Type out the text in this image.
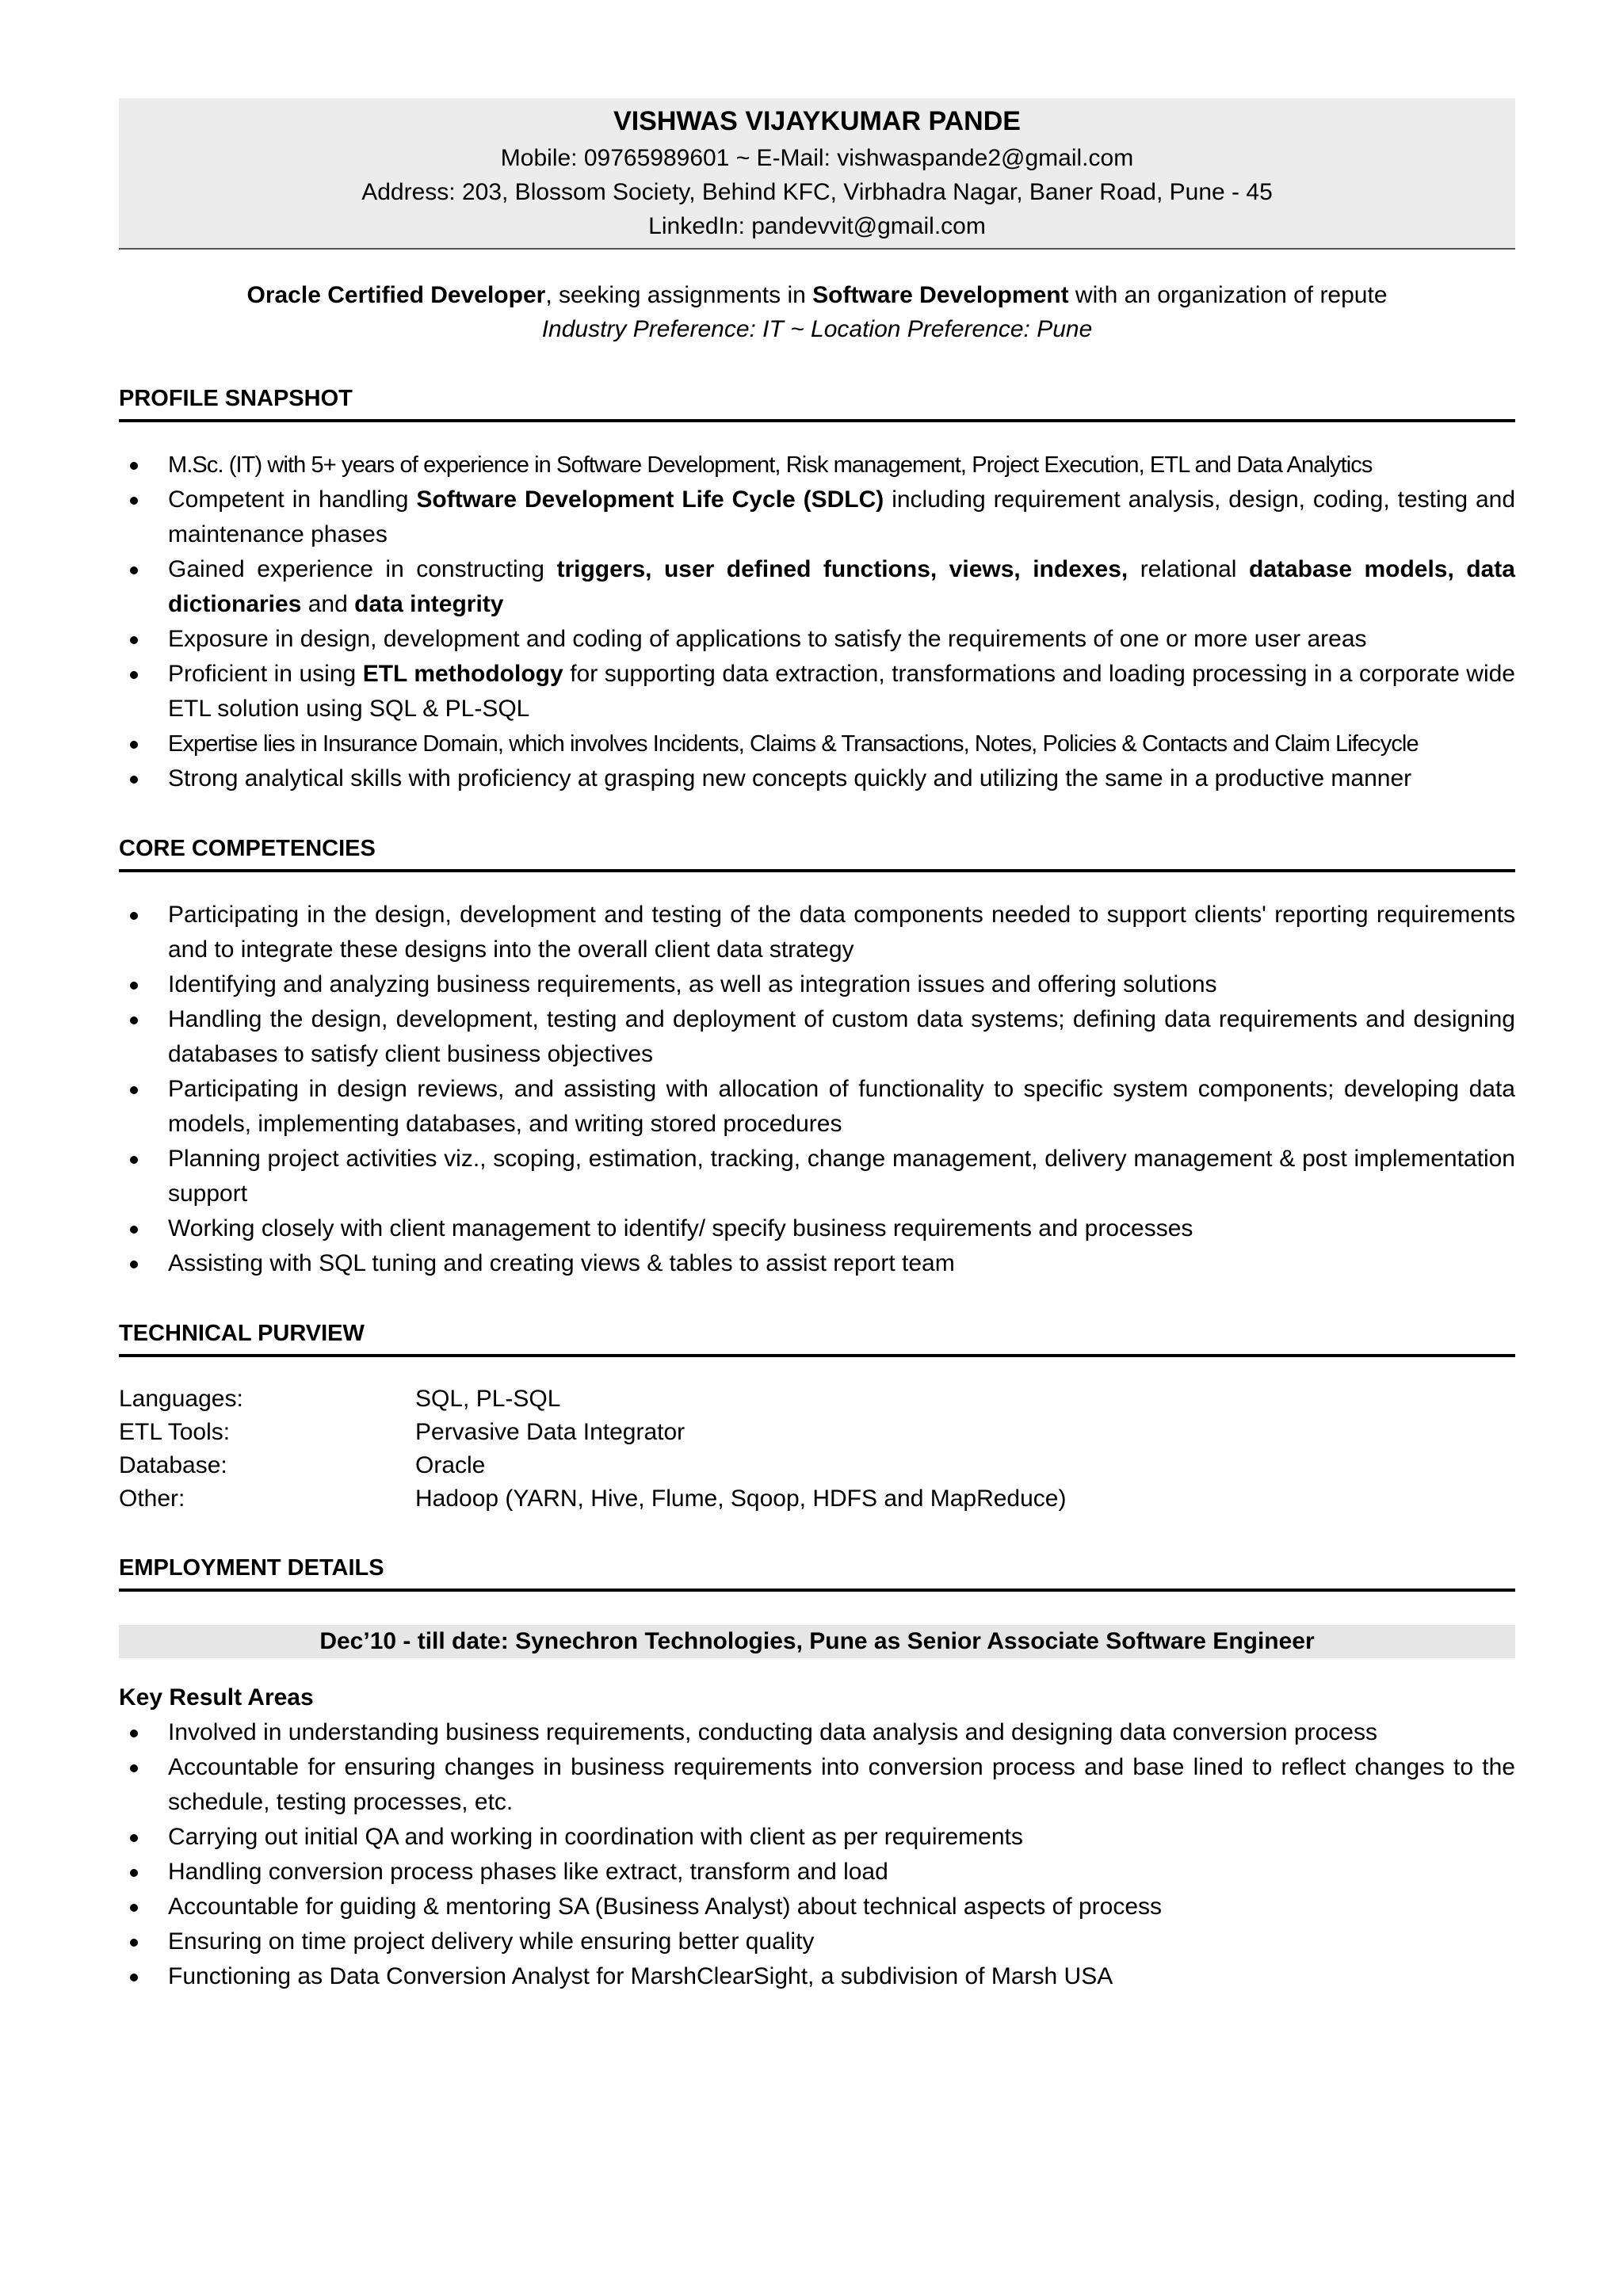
VISHWAS VIJAYKUMAR PANDE
Mobile: 09765989601 ~ E-Mail: vishwaspande2@gmail.com
Address: 203, Blossom Society, Behind KFC, Virbhadra Nagar, Baner Road, Pune - 45
LinkedIn: pandevvit@gmail.com
Oracle Certified Developer, seeking assignments in Software Development with an organization of repute
Industry Preference: IT ~ Location Preference: Pune
PROFILE SNAPSHOT
M.Sc. (IT) with 5+ years of experience in Software Development, Risk management, Project Execution, ETL and Data Analytics
Competent in handling Software Development Life Cycle (SDLC) including requirement analysis, design, coding, testing and maintenance phases
Gained experience in constructing triggers, user defined functions, views, indexes, relational database models, data dictionaries and data integrity
Exposure in design, development and coding of applications to satisfy the requirements of one or more user areas
Proficient in using ETL methodology for supporting data extraction, transformations and loading processing in a corporate wide ETL solution using SQL & PL-SQL
Expertise lies in Insurance Domain, which involves Incidents, Claims & Transactions, Notes, Policies & Contacts and Claim Lifecycle
Strong analytical skills with proficiency at grasping new concepts quickly and utilizing the same in a productive manner
CORE COMPETENCIES
Participating in the design, development and testing of the data components needed to support clients' reporting requirements and to integrate these designs into the overall client data strategy
Identifying and analyzing business requirements, as well as integration issues and offering solutions
Handling the design, development, testing and deployment of custom data systems; defining data requirements and designing databases to satisfy client business objectives
Participating in design reviews, and assisting with allocation of functionality to specific system components; developing data models, implementing databases, and writing stored procedures
Planning project activities viz., scoping, estimation, tracking, change management, delivery management & post implementation support
Working closely with client management to identify/ specify business requirements and processes
Assisting with SQL tuning and creating views & tables to assist report team
TECHNICAL PURVIEW
Languages:	SQL, PL-SQL
ETL Tools:	Pervasive Data Integrator
Database:	Oracle
Other:	Hadoop (YARN, Hive, Flume, Sqoop, HDFS and MapReduce)
EMPLOYMENT DETAILS
Dec’10 - till date: Synechron Technologies, Pune as Senior Associate Software Engineer
Key Result Areas
Involved in understanding business requirements, conducting data analysis and designing data conversion process
Accountable for ensuring changes in business requirements into conversion process and base lined to reflect changes to the schedule, testing processes, etc.
Carrying out initial QA and working in coordination with client as per requirements
Handling conversion process phases like extract, transform and load
Accountable for guiding & mentoring SA (Business Analyst) about technical aspects of process
Ensuring on time project delivery while ensuring better quality
Functioning as Data Conversion Analyst for MarshClearSight, a subdivision of Marsh USA
